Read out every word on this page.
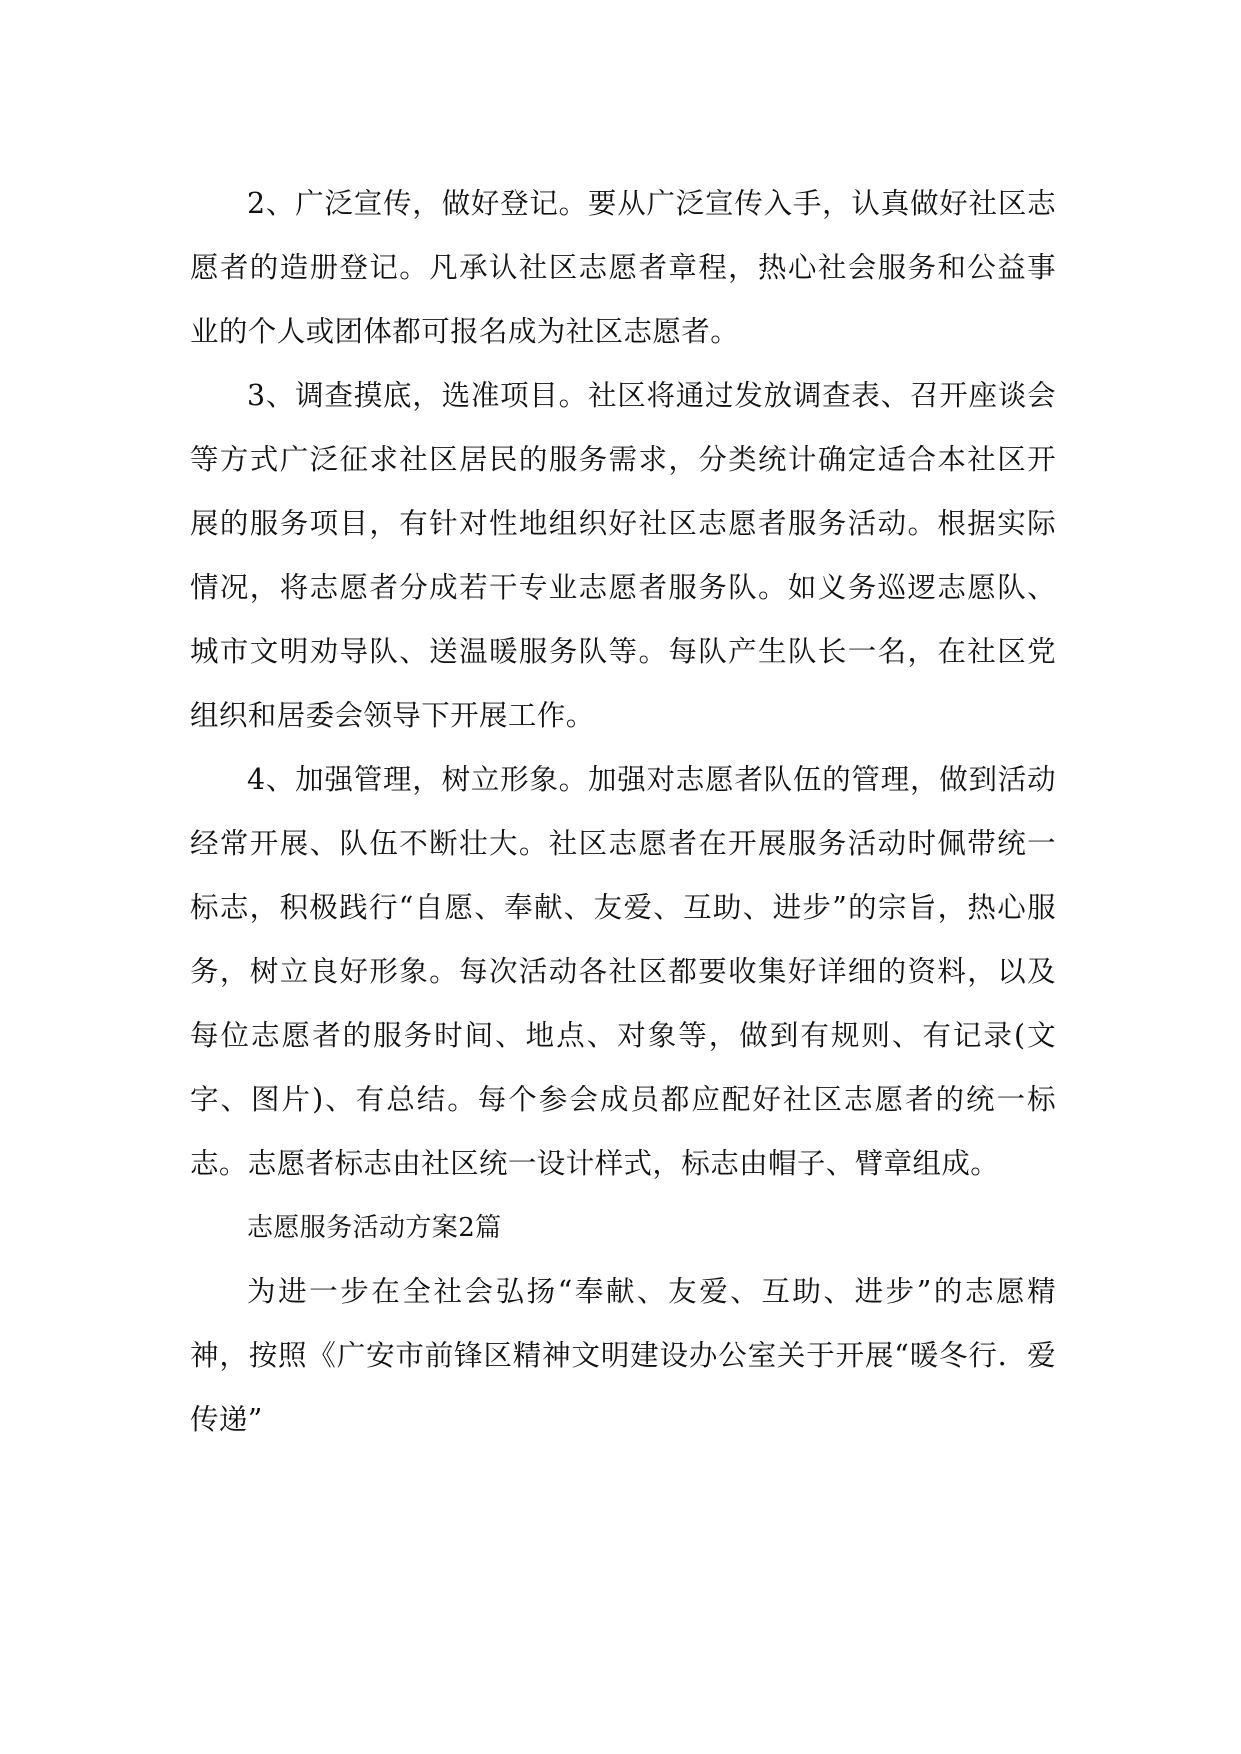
2、广泛宣传，做好登记。要从广泛宣传入手，认真做好社区志愿者的造册登记。凡承认社区志愿者章程，热心社会服务和公益事业的个人或团体都可报名成为社区志愿者。

3、调查摸底，选准项目。社区将通过发放调查表、召开座谈会等方式广泛征求社区居民的服务需求，分类统计确定适合本社区开展的服务项目，有针对性地组织好社区志愿者服务活动。根据实际情况，将志愿者分成若干专业志愿者服务队。如义务巡逻志愿队、城市文明劝导队、送温暖服务队等。每队产生队长一名，在社区党组织和居委会领导下开展工作。

4、加强管理，树立形象。加强对志愿者队伍的管理，做到活动经常开展、队伍不断壮大。社区志愿者在开展服务活动时佩带统一标志，积极践行“自愿、奉献、友爱、互助、进步”的宗旨，热心服务，树立良好形象。每次活动各社区都要收集好详细的资料，以及每位志愿者的服务时间、地点、对象等，做到有规则、有记录(文字、图片)、有总结。每个参会成员都应配好社区志愿者的统一标志。志愿者标志由社区统一设计样式，标志由帽子、臂章组成。

志愿服务活动方案2篇

为进一步在全社会弘扬“奉献、友爱、互助、进步”的志愿精神，按照《广安市前锋区精神文明建设办公室关于开展“暖冬行．爱传递”
